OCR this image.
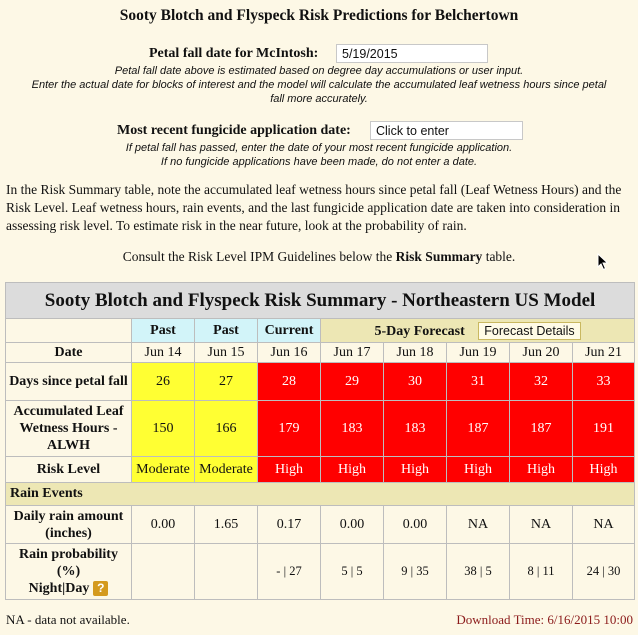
Sooty Blotch and Flyspeck Risk Predictions for Belchertown
Petal fall date for McIntosh:	5/19/2015
Petal fall date above is estimated based on degree day accumulations or user input.
Enter the actual date for blocks of interest and the model will calculate the accumulated leaf wetness hours since petal
fall more accurately.
Most recent fungicide application date:	Click to enter
If petal fall has passed, enter the date of your most recent fungicide application.
If no fungicide applications have been made, do not enter a date.
In the Risk Summary table, note the accumulated leaf wetness hours since petal fall (Leaf Wetness Hours) and the Risk Level. Leaf wetness hours, rain events, and the last fungicide application date are taken into consideration in assessing risk level. To estimate risk in the near future, look at the probability of rain.
Consult the Risk Level IPM Guidelines below the Risk Summary table.
Sooty Blotch and Flyspeck Risk Summary - Northeastern US Model								
	Past	Past	Current	5-Day Forecast Forecast Details				
Date	Jun 14	Jun 15	Jun 16	Jun 17	Jun 18	Jun 19	Jun 20	Jun 21
Days since petal fall	26	27	28	29	30	31	32	33
Accumulated Leaf Wetness Hours - ALWH	150	166	179	183	183	187	187	191
Risk Level	Moderate	Moderate	High	High	High	High	High	High
Rain Events								
Daily rain amount (inches)	0.00	1.65	0.17	0.00	0.00	NA	NA	NA

Rain probability (%)
Night|Day ?			- | 27	5 | 5	9 | 35	38 | 5	8 | 11	24 | 30
NA - data not available.	Download Time: 6/16/2015 10:00
